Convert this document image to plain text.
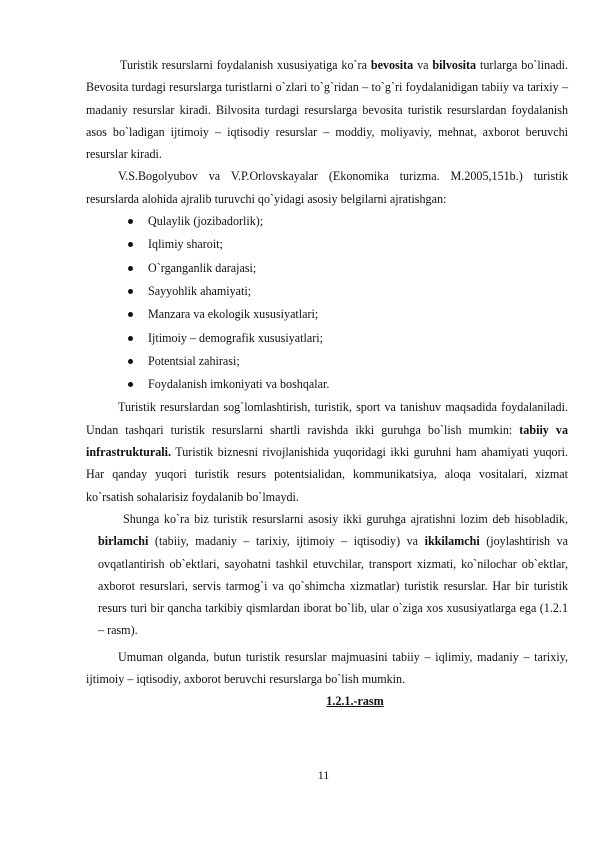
Turistik resurslarni foydalanish xususiyatiga ko`ra bevosita va bilvosita turlarga bo`linadi. Bevosita turdagi resurslarga turistlarni o`zlari to`g`ridan – to`g`ri foydalanidigan tabiiy va tarixiy – madaniy resurslar kiradi. Bilvosita turdagi resurslarga bevosita turistik resurslardan foydalanish asos bo`ladigan ijtimoiy – iqtisodiy resurslar – moddiy, moliyaviy, mehnat, axborot beruvchi resurslar kiradi.

V.S.Bogolyubov va V.P.Orlovskayalar (Ekonomika turizma. M.2005,151b.) turistik resurslarda alohida ajralib turuvchi qo`yidagi asosiy belgilarni ajratishgan:

Qulaylik (jozibadorlik);
Iqlimiy sharoit;
O`rganganlik darajasi;
Sayyohlik ahamiyati;
Manzara va ekologik xususiyatlari;
Ijtimoiy – demografik xususiyatlari;
Potentsial zahirasi;
Foydalanish imkoniyati va boshqalar.

Turistik resurslardan sog`lomlashtirish, turistik, sport va tanishuv maqsadida foydalaniladi. Undan tashqari turistik resurslarni shartli ravishda ikki guruhga bo`lish mumkin: tabiiy va infrastrukturali. Turistik biznesni rivojlanishida yuqoridagi ikki guruhni ham ahamiyati yuqori. Har qanday yuqori turistik resurs potentsialidan, kommunikatsiya, aloqa vositalari, xizmat ko`rsatish sohalarisiz foydalanib bo`lmaydi.

Shunga ko`ra biz turistik resurslarni asosiy ikki guruhga ajratishni lozim deb hisobladik, birlamchi (tabiiy, madaniy – tarixiy, ijtimoiy – iqtisodiy) va ikkilamchi (joylashtirish va ovqatlantirish ob`ektlari, sayohatni tashkil etuvchilar, transport xizmati, ko`nilochar ob`ektlar, axborot resurslari, servis tarmog`i va qo`shimcha xizmatlar) turistik resurslar. Har bir turistik resurs turi bir qancha tarkibiy qismlardan iborat bo`lib, ular o`ziga xos xususiyatlarga ega (1.2.1 – rasm).

Umuman olganda, butun turistik resurslar majmuasini tabiiy – iqlimiy, madaniy – tarixiy, ijtimoiy – iqtisodiy, axborot beruvchi resurslarga bo`lish mumkin.

1.2.1.-rasm
11
